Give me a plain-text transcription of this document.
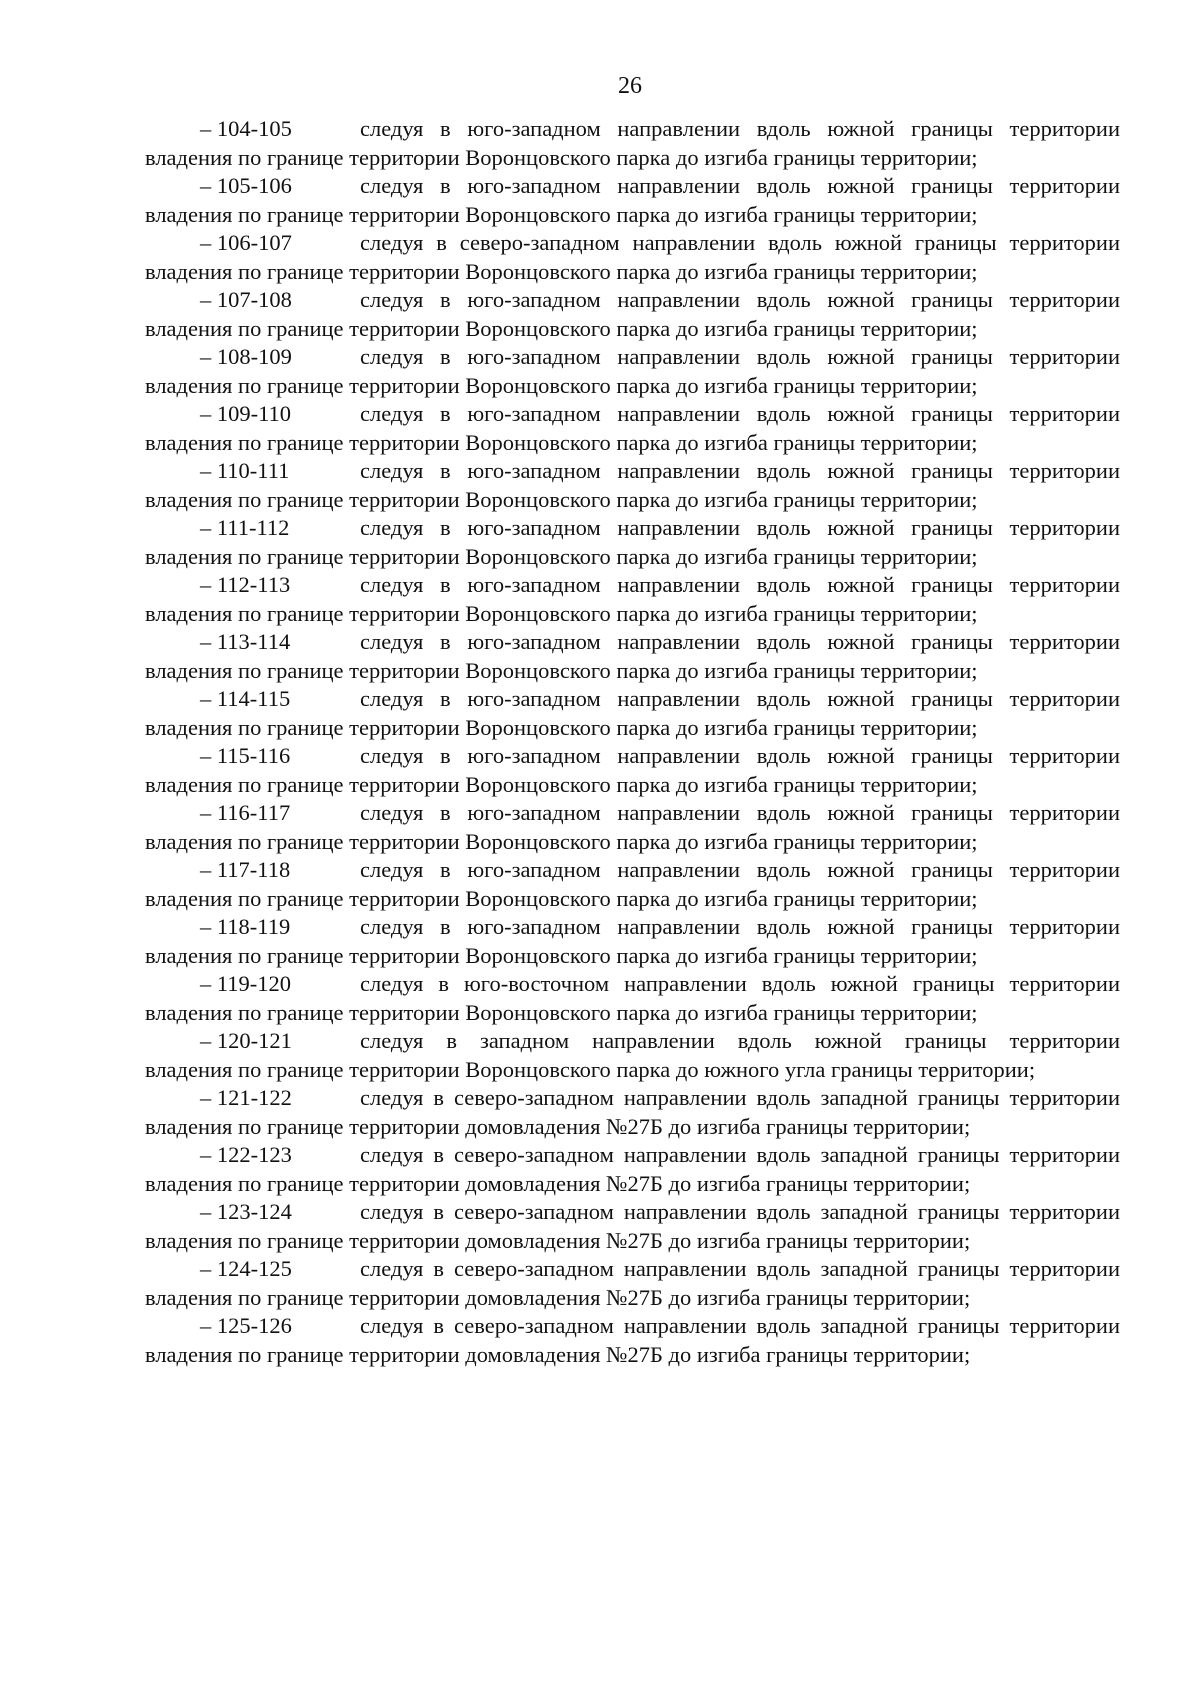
26
– 104-105	следуя в юго-западном направлении вдоль южной границы территории
владения по границе территории Воронцовского парка до изгиба границы территории;
– 105-106	следуя в юго-западном направлении вдоль южной границы территории
владения по границе территории Воронцовского парка до изгиба границы территории;
– 106-107	следуя в северо-западном направлении вдоль южной границы территории
владения по границе территории Воронцовского парка до изгиба границы территории;
– 107-108	следуя в юго-западном направлении вдоль южной границы территории
владения по границе территории Воронцовского парка до изгиба границы территории;
– 108-109	следуя в юго-западном направлении вдоль южной границы территории
владения по границе территории Воронцовского парка до изгиба границы территории;
– 109-110	следуя в юго-западном направлении вдоль южной границы территории
владения по границе территории Воронцовского парка до изгиба границы территории;
– 110-111	следуя в юго-западном направлении вдоль южной границы территории
владения по границе территории Воронцовского парка до изгиба границы территории;
– 111-112	следуя в юго-западном направлении вдоль южной границы территории
владения по границе территории Воронцовского парка до изгиба границы территории;
– 112-113	следуя в юго-западном направлении вдоль южной границы территории
владения по границе территории Воронцовского парка до изгиба границы территории;
– 113-114	следуя в юго-западном направлении вдоль южной границы территории
владения по границе территории Воронцовского парка до изгиба границы территории;
– 114-115	следуя в юго-западном направлении вдоль южной границы территории
владения по границе территории Воронцовского парка до изгиба границы территории;
– 115-116	следуя в юго-западном направлении вдоль южной границы территории
владения по границе территории Воронцовского парка до изгиба границы территории;
– 116-117	следуя в юго-западном направлении вдоль южной границы территории
владения по границе территории Воронцовского парка до изгиба границы территории;
– 117-118	следуя в юго-западном направлении вдоль южной границы территории
владения по границе территории Воронцовского парка до изгиба границы территории;
– 118-119	следуя в юго-западном направлении вдоль южной границы территории
владения по границе территории Воронцовского парка до изгиба границы территории;
– 119-120	следуя в юго-восточном направлении вдоль южной границы территории
владения по границе территории Воронцовского парка до изгиба границы территории;
– 120-121	следуя в западном направлении вдоль южной границы территории
владения по границе территории Воронцовского парка до южного угла границы территории;
– 121-122	следуя в северо-западном направлении вдоль западной границы территории владения по границе территории домовладения №27Б до изгиба границы территории;
– 122-123	следуя в северо-западном направлении вдоль западной границы территории владения по границе территории домовладения №27Б до изгиба границы территории;
– 123-124	следуя в северо-западном направлении вдоль западной границы территории владения по границе территории домовладения №27Б до изгиба границы территории;
– 124-125	следуя в северо-западном направлении вдоль западной границы территории владения по границе территории домовладения №27Б до изгиба границы территории;
– 125-126	следуя в северо-западном направлении вдоль западной границы территории владения по границе территории домовладения №27Б до изгиба границы территории;
